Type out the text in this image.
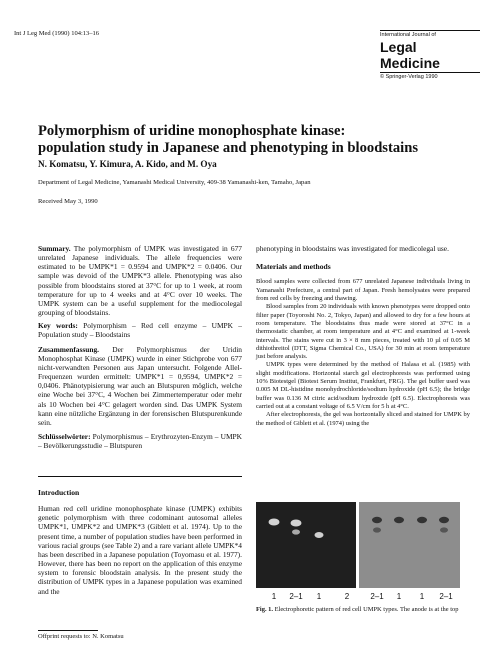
Int J Leg Med (1990) 104:13–16	International Journal of
Legal Medicine
© Springer-Verlag 1990
Polymorphism of uridine monophosphate kinase:
population study in Japanese and phenotyping in bloodstains
N. Komatsu, Y. Kimura, A. Kido, and M. Oya
Department of Legal Medicine, Yamanashi Medical University, 409-38 Yamanashi-ken, Tamaho, Japan
Received May 3, 1990

Summary. The polymorphism of UMPK was investigated in 677 unrelated Japanese individuals. The allele frequencies were estimated to be UMPK*1 = 0.9594 and UMPK*2 = 0.0406. Our sample was devoid of the UMPK*3 allele. Phenotyping was also possible from bloodstains stored at 37°C for up to 1 week, at room temperature for up to 4 weeks and at 4°C over 10 weeks. The UMPK system can be a useful supplement for the mediocolegal grouping of bloodstains.

Key words: Polymorphism – Red cell enzyme – UMPK – Population study – Bloodstains

Zusammenfassung. Der Polymorphismus der Uridin Monophosphat Kinase (UMPK) wurde in einer Stichprobe von 677 nicht-verwandten Personen aus Japan untersucht. Folgende Allel-Frequenzen wurden ermittelt: UMPK*1 = 0,9594, UMPK*2 = 0,0406. Phänotypisierung war auch an Blutspuren möglich, welche eine Woche bei 37°C, 4 Wochen bei Zimmertemperatur oder mehr als 10 Wochen bei 4°C gelagert worden sind. Das UMPK System kann eine nützliche Ergänzung in der forensischen Blutspurenkunde sein.

Schlüsselwörter: Polymorphismus – Erythrozyten-Enzym – UMPK – Bevölkerungsstudie – Blutspuren

Introduction

Human red cell uridine monophosphate kinase (UMPK) exhibits genetic polymorphism with three codominant autosomal alleles UMPK*1, UMPK*2 and UMPK*3 (Giblett et al. 1974). Up to the present time, a number of population studies have been performed in various racial groups (see Table 2) and a rare variant allele UMPK*4 has been described in a Japanese population (Toyomasu et al. 1977). However, there has been no report on the application of this enzyme system to forensic bloodstain analysis. In the present study the distribution of UMPK types in a Japanese population was examined and the

Offprint requests to: N. Komatsu

phenotyping in bloodstains was investigated for medicolegal use.

Materials and methods

Blood samples were collected from 677 unrelated Japanese individuals living in Yamanashi Prefecture, a central part of Japan. Fresh hemolysates were prepared from red cells by freezing and thawing.

Blood samples from 20 individuals with known phenotypes were dropped onto filter paper (Toyoroshi No. 2, Tokyo, Japan) and allowed to dry for a few hours at room temperature. The bloodstains thus made were stored at 37°C in a thermostatic chamber, at room temperature and at 4°C and examined at 1-week intervals. The stains were cut in 3 × 8 mm pieces, treated with 10 µl of 0.05 M dithiothreitol (DTT, Sigma Chemical Co., USA) for 30 min at room temperature just before analysis.

UMPK types were determined by the method of Halasa et al. (1985) with slight modifications. Horizontal starch gel electrophoresis was performed using 10% Biotestgel (Biotest Serum Institut, Frankfurt, FRG). The gel buffer used was 0.005 M DL-histidine monohydrochloride/sodium hydroxide (pH 6.5); the bridge buffer was 0.136 M citric acid/sodium hydroxide (pH 6.5). Electrophoresis was carried out at a constant voltage of 6.5 V/cm for 5 h at 4°C.

After electrophoresis, the gel was horizontally sliced and stained for UMPK by the method of Giblett et al. (1974) using the

1 2–1 1	2	2–1 1 1 2–1
Fig. 1. Electrophoretic pattern of red cell UMPK types. The anode is at the top
